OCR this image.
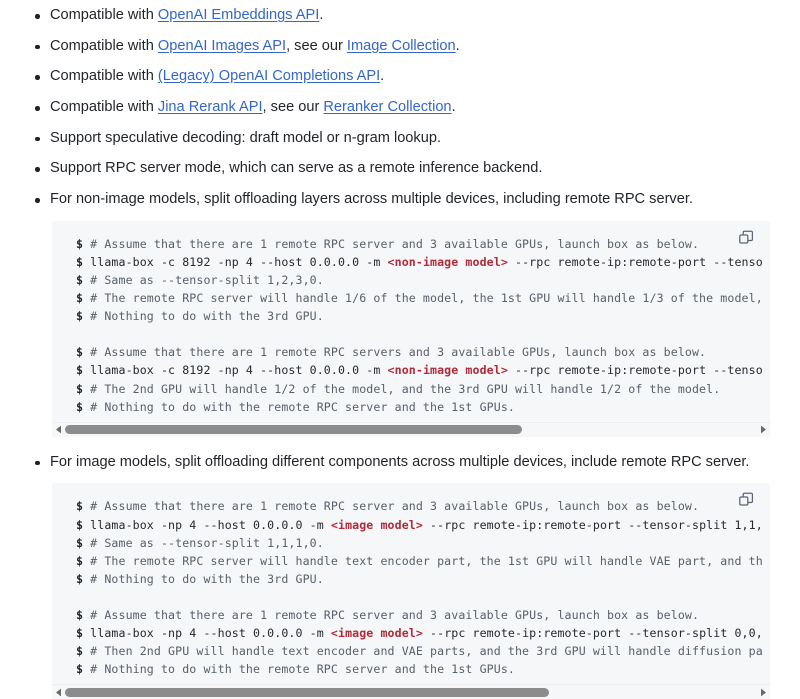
Compatible with OpenAI Embeddings API.
Compatible with OpenAI Images API, see our Image Collection.
Compatible with (Legacy) OpenAI Completions API.
Compatible with Jina Rerank API, see our Reranker Collection.
Support speculative decoding: draft model or n-gram lookup.
Support RPC server mode, which can serve as a remote inference backend.
For non-image models, split offloading layers across multiple devices, including remote RPC server.
$ # Assume that there are 1 remote RPC server and 3 available GPUs, launch box as below.
$ llama-box -c 8192 -np 4 --host 0.0.0.0 -m <non-image model> --rpc remote-ip:remote-port --tenso
$ # Same as --tensor-split 1,2,3,0.
$ # The remote RPC server will handle 1/6 of the model, the 1st GPU will handle 1/3 of the model,
$ # Nothing to do with the 3rd GPU.
$ # Assume that there are 1 remote RPC servers and 3 available GPUs, launch box as below.
$ llama-box -c 8192 -np 4 --host 0.0.0.0 -m <non-image model> --rpc remote-ip:remote-port --tenso
$ # The 2nd GPU will handle 1/2 of the model, and the 3rd GPU will handle 1/2 of the model.
$ # Nothing to do with the remote RPC server and the 1st GPUs.
For image models, split offloading different components across multiple devices, include remote RPC server.
$ # Assume that there are 1 remote RPC server and 3 available GPUs, launch box as below.
$ llama-box -np 4 --host 0.0.0.0 -m <image model> --rpc remote-ip:remote-port --tensor-split 1,1,
$ # Same as --tensor-split 1,1,1,0.
$ # The remote RPC server will handle text encoder part, the 1st GPU will handle VAE part, and th
$ # Nothing to do with the 3rd GPU.
$ # Assume that there are 1 remote RPC server and 3 available GPUs, launch box as below.
$ llama-box -np 4 --host 0.0.0.0 -m <image model> --rpc remote-ip:remote-port --tensor-split 0,0,
$ # Then 2nd GPU will handle text encoder and VAE parts, and the 3rd GPU will handle diffusion pa
$ # Nothing to do with the remote RPC server and the 1st GPUs.
